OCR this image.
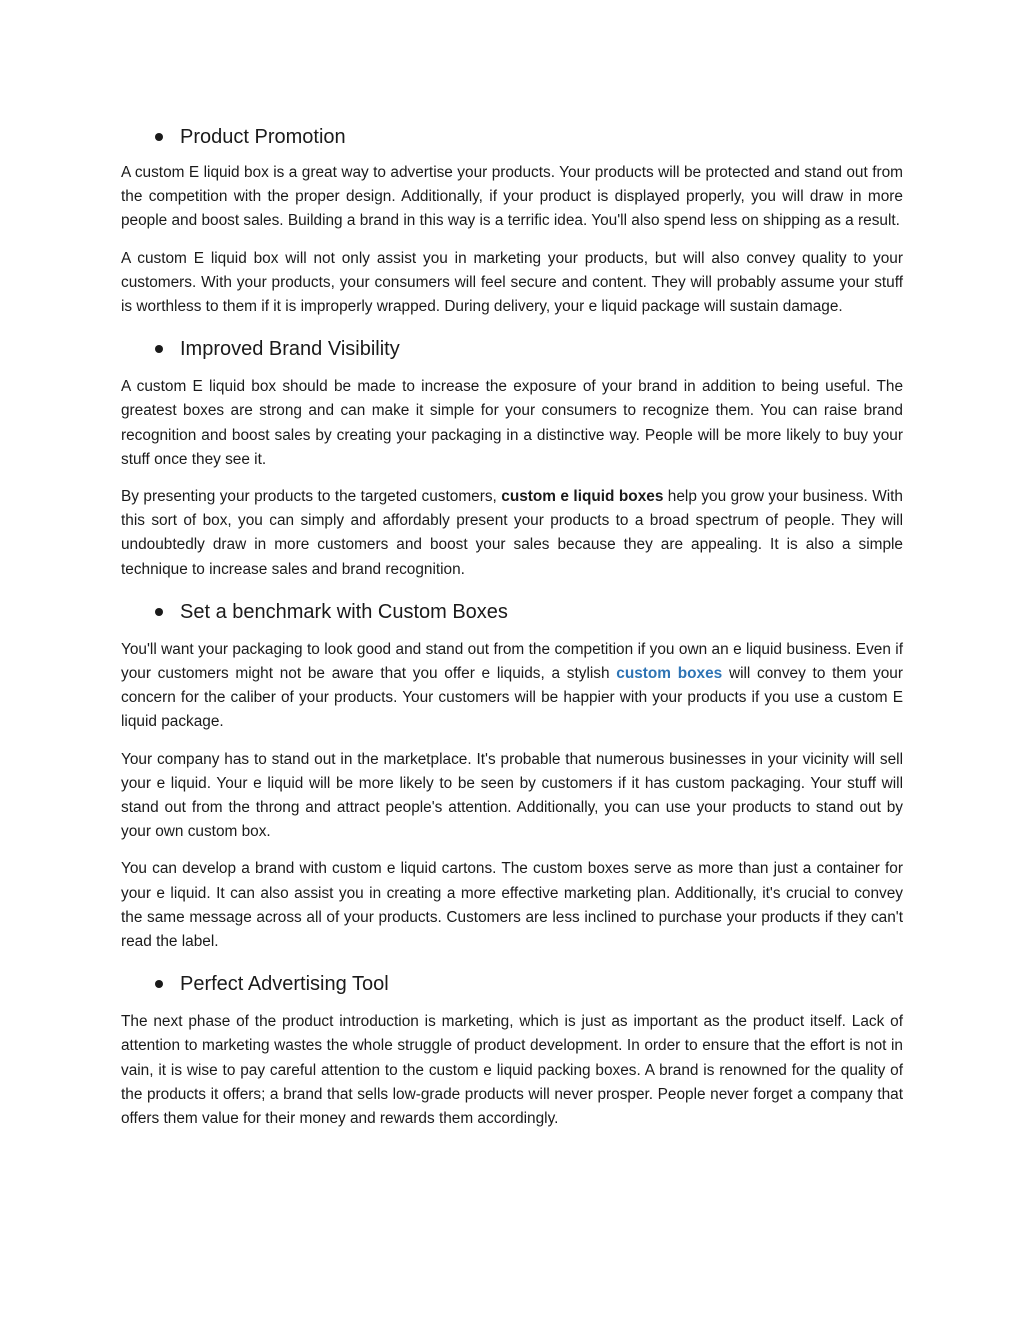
Product Promotion

A custom E liquid box is a great way to advertise your products. Your products will be protected and stand out from the competition with the proper design. Additionally, if your product is displayed properly, you will draw in more people and boost sales. Building a brand in this way is a terrific idea. You'll also spend less on shipping as a result.

A custom E liquid box will not only assist you in marketing your products, but will also convey quality to your customers. With your products, your consumers will feel secure and content. They will probably assume your stuff is worthless to them if it is improperly wrapped. During delivery, your e liquid package will sustain damage.

Improved Brand Visibility

A custom E liquid box should be made to increase the exposure of your brand in addition to being useful. The greatest boxes are strong and can make it simple for your consumers to recognize them. You can raise brand recognition and boost sales by creating your packaging in a distinctive way. People will be more likely to buy your stuff once they see it.

By presenting your products to the targeted customers, custom e liquid boxes help you grow your business. With this sort of box, you can simply and affordably present your products to a broad spectrum of people. They will undoubtedly draw in more customers and boost your sales because they are appealing. It is also a simple technique to increase sales and brand recognition.

Set a benchmark with Custom Boxes

You'll want your packaging to look good and stand out from the competition if you own an e liquid business. Even if your customers might not be aware that you offer e liquids, a stylish custom boxes will convey to them your concern for the caliber of your products. Your customers will be happier with your products if you use a custom E liquid package.

Your company has to stand out in the marketplace. It's probable that numerous businesses in your vicinity will sell your e liquid. Your e liquid will be more likely to be seen by customers if it has custom packaging. Your stuff will stand out from the throng and attract people's attention. Additionally, you can use your products to stand out by your own custom box.

You can develop a brand with custom e liquid cartons. The custom boxes serve as more than just a container for your e liquid. It can also assist you in creating a more effective marketing plan. Additionally, it's crucial to convey the same message across all of your products. Customers are less inclined to purchase your products if they can't read the label.

Perfect Advertising Tool

The next phase of the product introduction is marketing, which is just as important as the product itself. Lack of attention to marketing wastes the whole struggle of product development. In order to ensure that the effort is not in vain, it is wise to pay careful attention to the custom e liquid packing boxes. A brand is renowned for the quality of the products it offers; a brand that sells low-grade products will never prosper. People never forget a company that offers them value for their money and rewards them accordingly.
